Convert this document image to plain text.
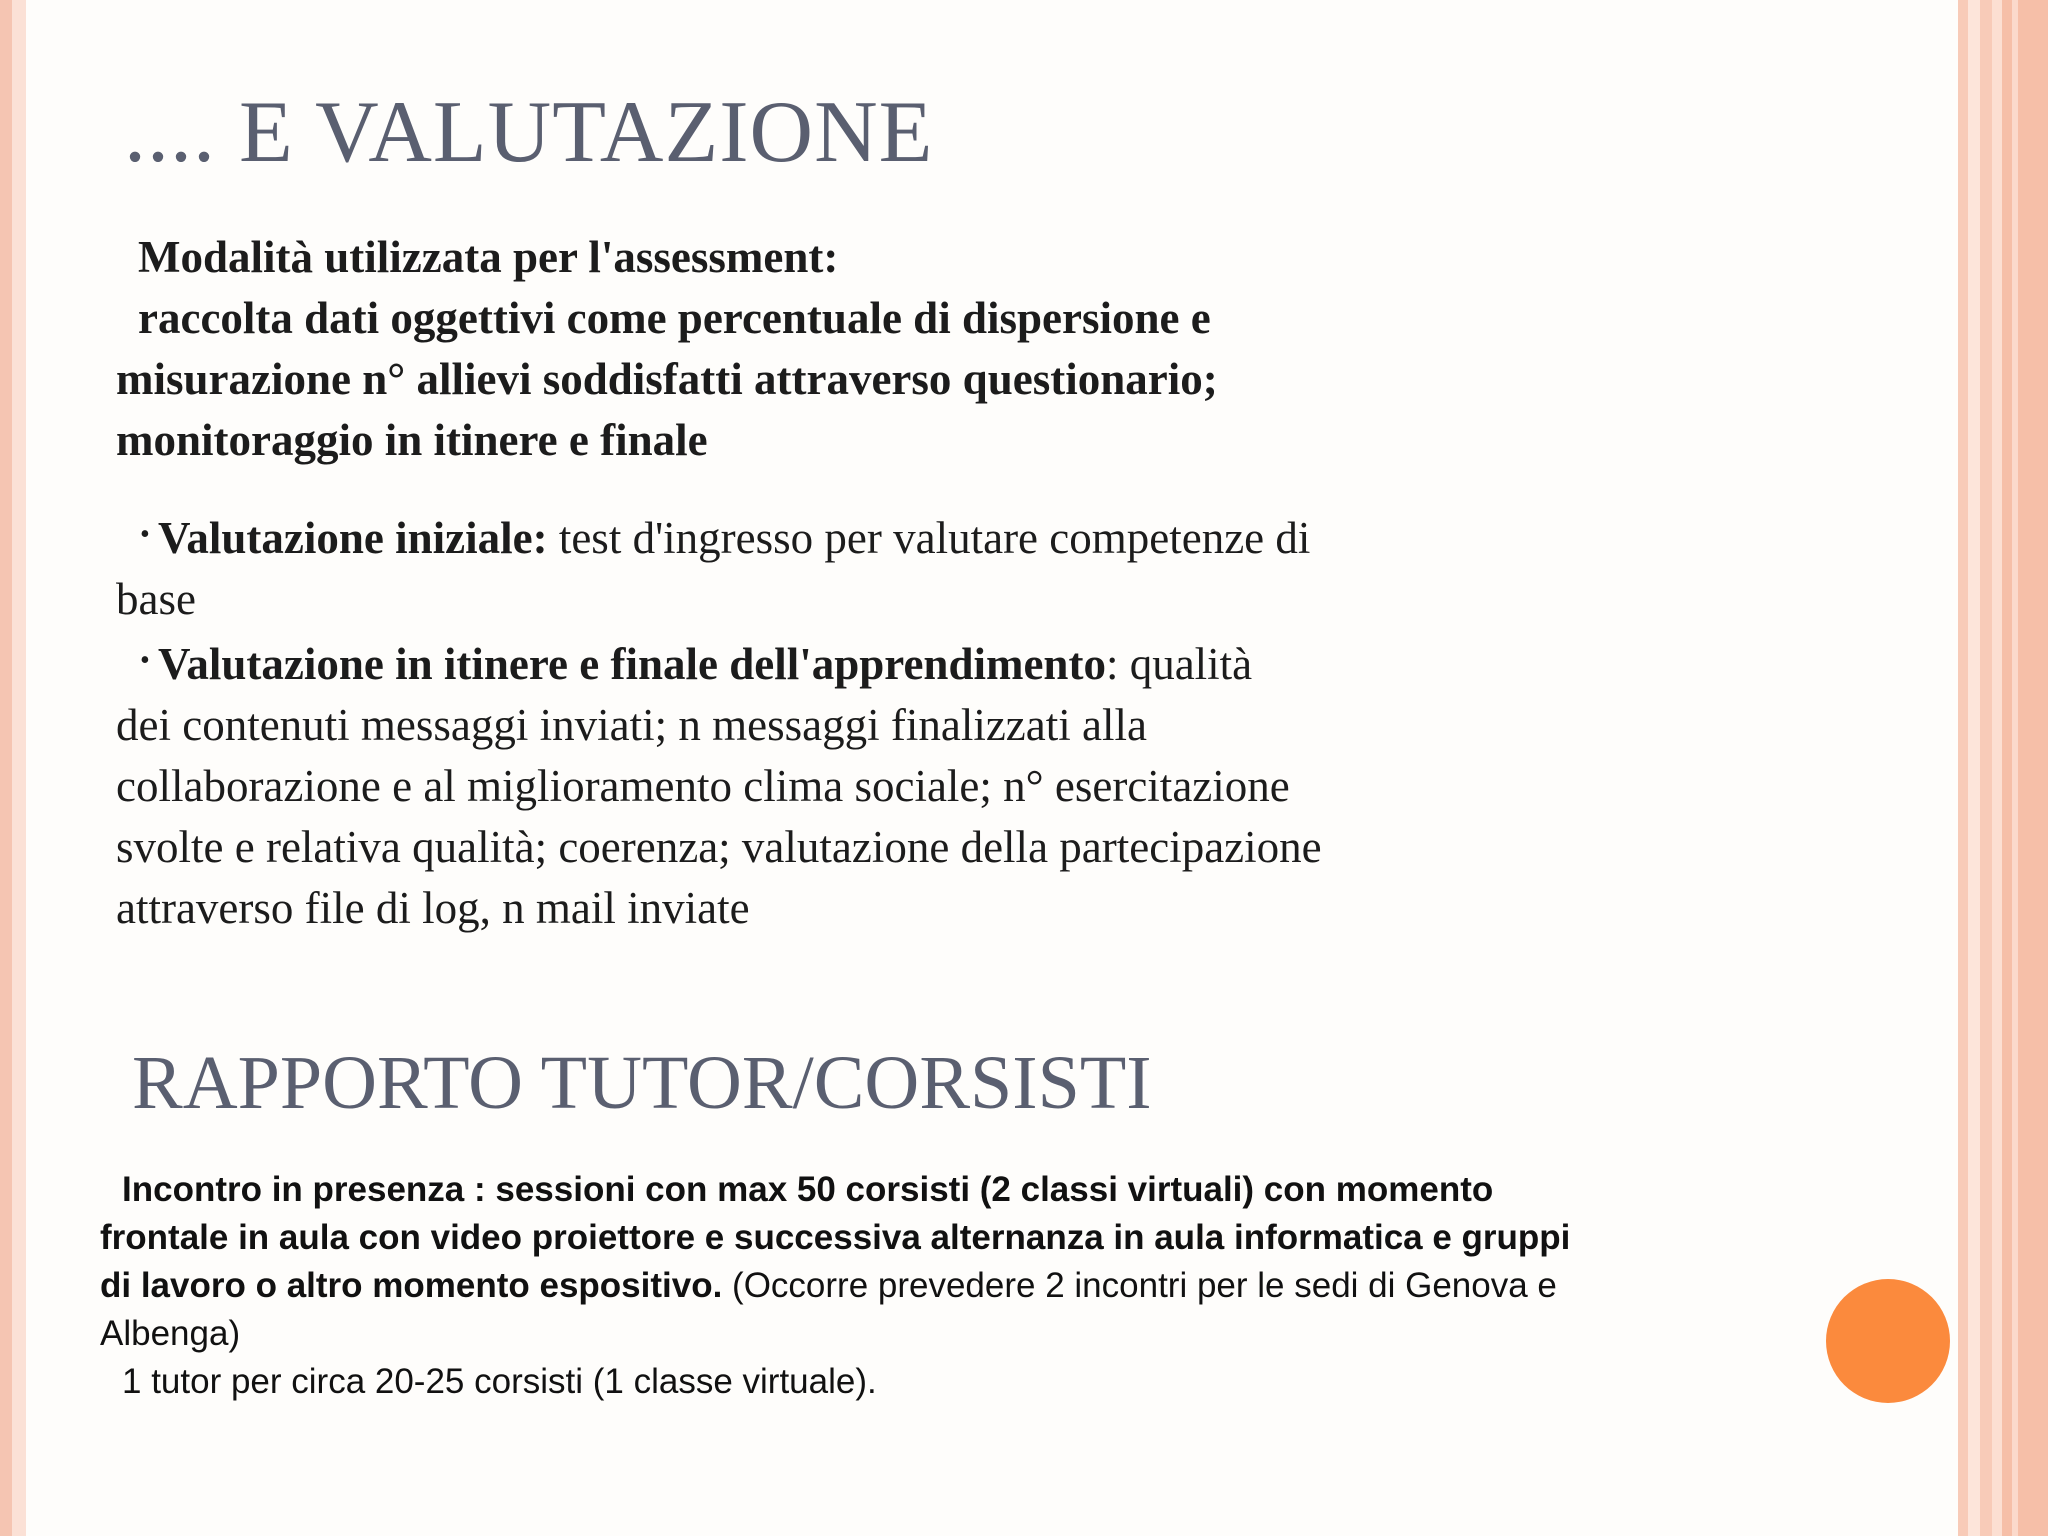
.... E VALUTAZIONE
Modalità utilizzata per l'assessment:
raccolta dati oggettivi come percentuale di dispersione e
misurazione n° allievi soddisfatti attraverso questionario;
monitoraggio in itinere e finale
• Valutazione iniziale: test d'ingresso per valutare competenze di
base
• Valutazione in itinere e finale dell'apprendimento: qualità
dei contenuti messaggi inviati; n messaggi finalizzati alla
collaborazione e al miglioramento clima sociale; n° esercitazione
svolte e relativa qualità; coerenza; valutazione della partecipazione
attraverso file di log, n mail inviate
RAPPORTO TUTOR/CORSISTI
Incontro in presenza : sessioni con max 50 corsisti (2 classi virtuali) con momento
frontale in aula con video proiettore e successiva alternanza in aula informatica e gruppi
di lavoro o altro momento espositivo. (Occorre prevedere 2 incontri per le sedi di Genova e
Albenga)
1 tutor per circa 20-25 corsisti (1 classe virtuale).
